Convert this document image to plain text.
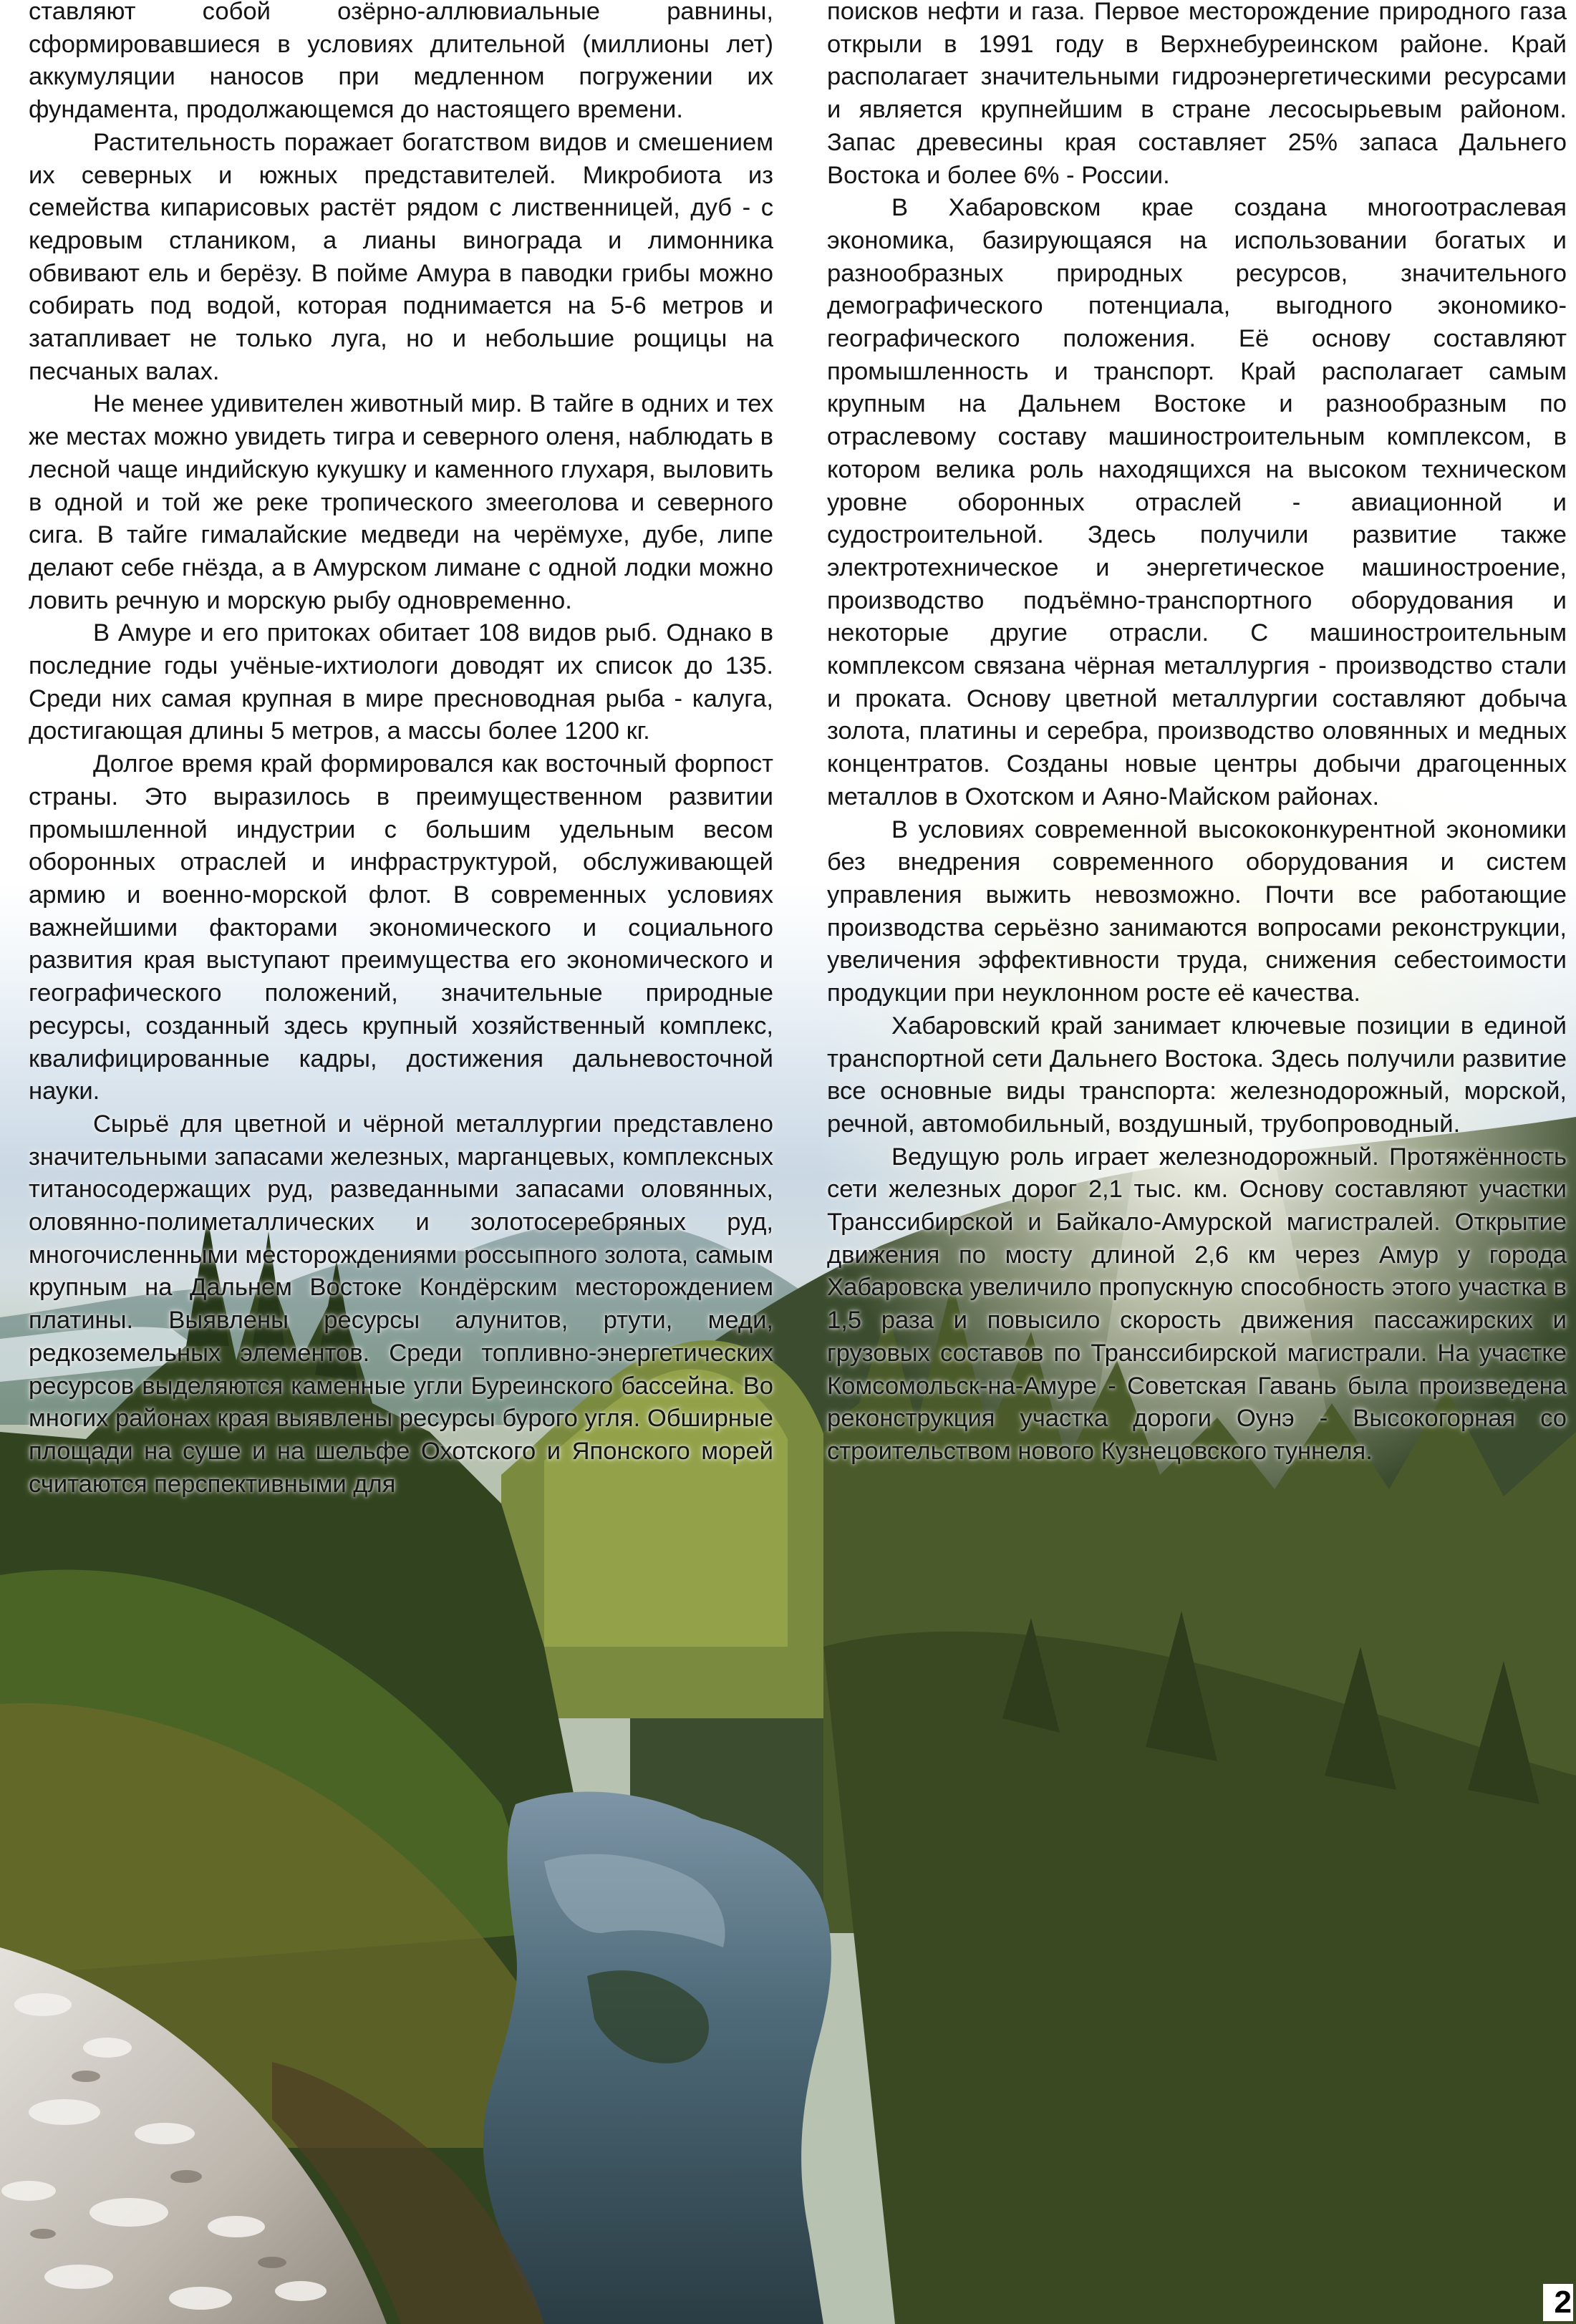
ставляют собой озёрно-аллювиальные равнины, сформировавшиеся в условиях длительной (миллионы лет) аккумуляции наносов при медленном погружении их фундамента, продолжающемся до настоящего времени.

Растительность поражает богатством видов и смешением их северных и южных представителей. Микробиота из семейства кипарисовых растёт рядом с лиственницей, дуб - с кедровым стлаником, а лианы винограда и лимонника обвивают ель и берёзу. В пойме Амура в паводки грибы можно собирать под водой, которая поднимается на 5-6 метров и затапливает не только луга, но и небольшие рощицы на песчаных валах.

Не менее удивителен животный мир. В тайге в одних и тех же местах можно увидеть тигра и северного оленя, наблюдать в лесной чаще индийскую кукушку и каменного глухаря, выловить в одной и той же реке тропического змееголова и северного сига. В тайге гималайские медведи на черёмухе, дубе, липе делают себе гнёзда, а в Амурском лимане с одной лодки можно ловить речную и морскую рыбу одновременно.

В Амуре и его притоках обитает 108 видов рыб. Однако в последние годы учёные-ихтиологи доводят их список до 135. Среди них самая крупная в мире пресноводная рыба - калуга, достигающая длины 5 метров, а массы более 1200 кг.

Долгое время край формировался как восточный форпост страны. Это выразилось в преимущественном развитии промышленной индустрии с большим удельным весом оборонных отраслей и инфраструктурой, обслуживающей армию и военно-морской флот. В современных условиях важнейшими факторами экономического и социального развития края выступают преимущества его экономического и географического положений, значительные природные ресурсы, созданный здесь крупный хозяйственный комплекс, квалифицированные кадры, достижения дальневосточной науки.

Сырьё для цветной и чёрной металлургии представлено значительными запасами железных, марганцевых, комплексных титаносодержащих руд, разведанными запасами оловянных, оловянно-полиметаллических и золотосеребряных руд, многочисленными месторождениями россыпного золота, самым крупным на Дальнем Востоке Кондёрским месторождением платины. Выявлены ресурсы алунитов, ртути, меди, редкоземельных элементов. Среди топливно-энергетических ресурсов выделяются каменные угли Буреинского бассейна. Во многих районах края выявлены ресурсы бурого угля. Обширные площади на суше и на шельфе Охотского и Японского морей считаются перспективными для

поисков нефти и газа. Первое месторождение природного газа открыли в 1991 году в Верхнебуреинском районе. Край располагает значительными гидроэнергетическими ресурсами и является крупнейшим в стране лесосырьевым районом. Запас древесины края составляет 25% запаса Дальнего Востока и более 6% - России.

В Хабаровском крае создана многоотраслевая экономика, базирующаяся на использовании богатых и разнообразных природных ресурсов, значительного демографического потенциала, выгодного экономико-географического положения. Её основу составляют промышленность и транспорт. Край располагает самым крупным на Дальнем Востоке и разнообразным по отраслевому составу машиностроительным комплексом, в котором велика роль находящихся на высоком техническом уровне оборонных отраслей - авиационной и судостроительной. Здесь получили развитие также электротехническое и энергетическое машиностроение, производство подъёмно-транспортного оборудования и некоторые другие отрасли. С машиностроительным комплексом связана чёрная металлургия - производство стали и проката. Основу цветной металлургии составляют добыча золота, платины и серебра, производство оловянных и медных концентратов. Созданы новые центры добычи драгоценных металлов в Охотском и Аяно-Майском районах.

В условиях современной высококонкурентной экономики без внедрения современного оборудования и систем управления выжить невозможно. Почти все работающие производства серьёзно занимаются вопросами реконструкции, увеличения эффективности труда, снижения себестоимости продукции при неуклонном росте её качества.

Хабаровский край занимает ключевые позиции в единой транспортной сети Дальнего Востока. Здесь получили развитие все основные виды транспорта: железнодорожный, морской, речной, автомобильный, воздушный, трубопроводный.

Ведущую роль играет железнодорожный. Протяжённость сети железных дорог 2,1 тыс. км. Основу составляют участки Транссибирской и Байкало-Амурской магистралей. Открытие движения по мосту длиной 2,6 км через Амур у города Хабаровска увеличило пропускную способность этого участка в 1,5 раза и повысило скорость движения пассажирских и грузовых составов по Транссибирской магистрали. На участке Комсомольск-на-Амуре - Советская Гавань была произведена реконструкция участка дороги Оунэ - Высокогорная со строительством нового Кузнецовского туннеля.

2
